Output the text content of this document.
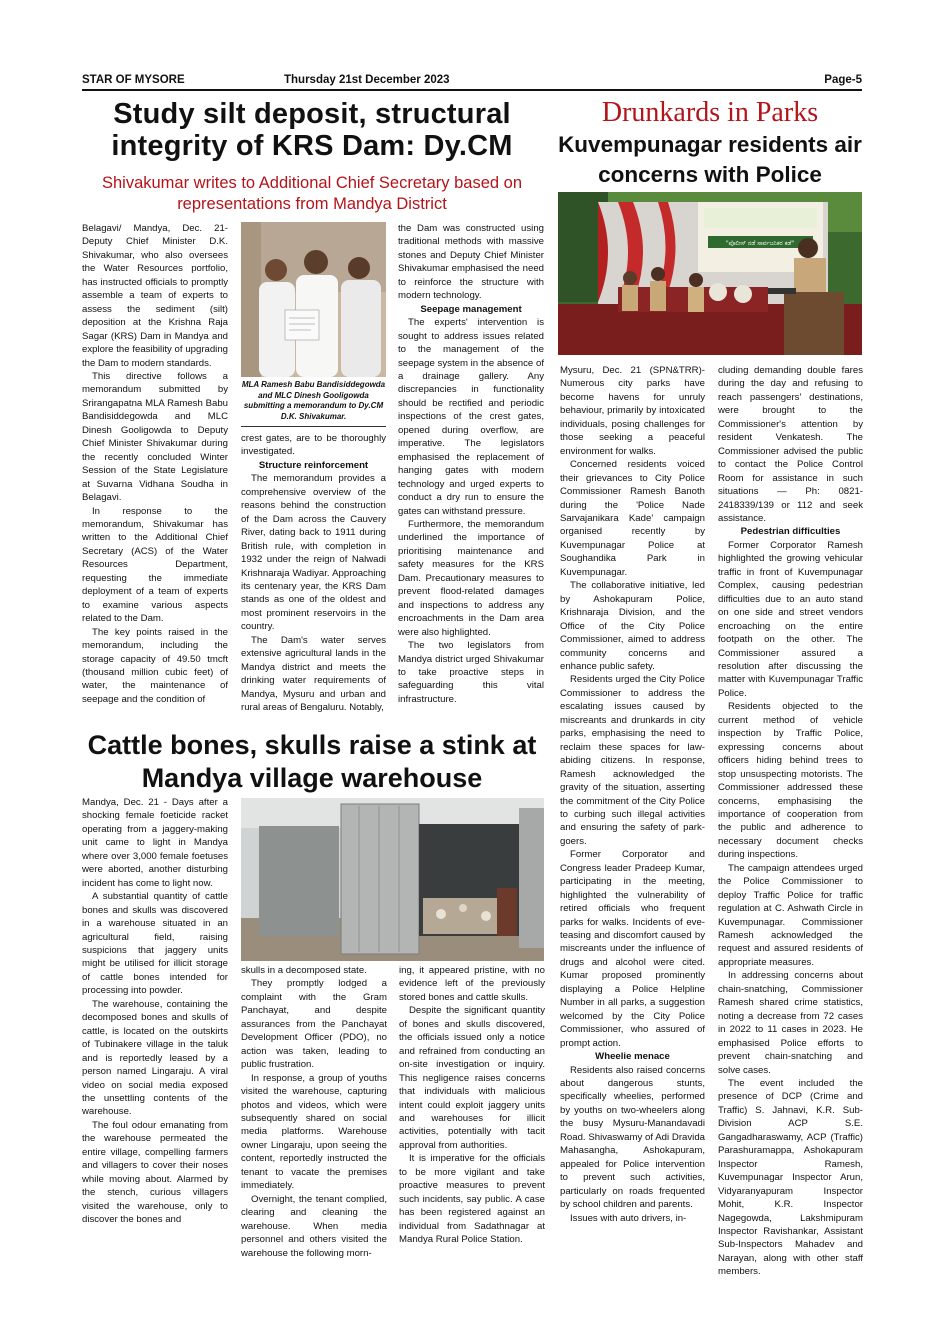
STAR OF MYSORE	Thursday 21st December 2023	Page-5
Study silt deposit, structural integrity of KRS Dam: Dy.CM
Shivakumar writes to Additional Chief Secretary based on representations from Mandya District

Belagavi/ Mandya, Dec. 21- Deputy Chief Minister D.K. Shivakumar, who also oversees the Water Resources portfolio, has instructed officials to promptly assemble a team of experts to assess the sediment (silt) deposition at the Krishna Raja Sagar (KRS) Dam in Mandya and explore the feasibility of upgrading the Dam to modern standards.

This directive follows a memorandum submitted by Srirangapatna MLA Ramesh Babu Bandisiddegowda and MLC Dinesh Gooligowda to Deputy Chief Minister Shivakumar during the recently concluded Winter Session of the State Legislature at Suvarna Vidhana Soudha in Belagavi.

In response to the memorandum, Shivakumar has written to the Additional Chief Secretary (ACS) of the Water Resources Department, requesting the immediate deployment of a team of experts to examine various aspects related to the Dam.

The key points raised in the memorandum, including the storage capacity of 49.50 tmcft (thousand million cubic feet) of water, the maintenance of seepage and the condition of

MLA Ramesh Babu Bandisiddegowda and MLC Dinesh Gooligowda submitting a memorandum to Dy.CM D.K. Shivakumar.

crest gates, are to be thoroughly investigated.

Structure reinforcement

The memorandum provides a comprehensive overview of the reasons behind the construction of the Dam across the Cauvery River, dating back to 1911 during British rule, with completion in 1932 under the reign of Nalwadi Krishnaraja Wadiyar. Approaching its centenary year, the KRS Dam stands as one of the oldest and most prominent reservoirs in the country.

The Dam's water serves extensive agricultural lands in the Mandya district and meets the drinking water requirements of Mandya, Mysuru and urban and rural areas of Bengaluru. Notably,

the Dam was constructed using traditional methods with massive stones and Deputy Chief Minister Shivakumar emphasised the need to reinforce the structure with modern technology.

Seepage management

The experts' intervention is sought to address issues related to the management of the seepage system in the absence of a drainage gallery. Any discrepancies in functionality should be rectified and periodic inspections of the crest gates, opened during overflow, are imperative. The legislators emphasised the replacement of hanging gates with modern technology and urged experts to conduct a dry run to ensure the gates can withstand pressure.

Furthermore, the memorandum underlined the importance of prioritising maintenance and safety measures for the KRS Dam. Precautionary measures to prevent flood-related damages and inspections to address any encroachments in the Dam area were also highlighted.

The two legislators from Mandya district urged Shivakumar to take proactive steps in safeguarding this vital infrastructure.

Drunkards in Parks
Kuvempunagar residents air concerns with Police
"ಪೊಲೀಸ್ ನಡೆ ಸಾರ್ವಜನಿಕರ ಕಡೆ"

Mysuru, Dec. 21 (SPN&TRR)- Numerous city parks have become havens for unruly behaviour, primarily by intoxicated individuals, posing challenges for those seeking a peaceful environment for walks.

Concerned residents voiced their grievances to City Police Commissioner Ramesh Banoth during the 'Police Nade Sarvajanikara Kade' campaign organised recently by Kuvempunagar Police at Soughandika Park in Kuvempunagar.

The collaborative initiative, led by Ashokapuram Police, Krishnaraja Division, and the Office of the City Police Commissioner, aimed to address community concerns and enhance public safety.

Residents urged the City Police Commissioner to address the escalating issues caused by miscreants and drunkards in city parks, emphasising the need to reclaim these spaces for law-abiding citizens. In response, Ramesh acknowledged the gravity of the situation, asserting the commitment of the City Police to curbing such illegal activities and ensuring the safety of park-goers.

Former Corporator and Congress leader Pradeep Kumar, participating in the meeting, highlighted the vulnerability of retired officials who frequent parks for walks. Incidents of eve-teasing and discomfort caused by miscreants under the influence of drugs and alcohol were cited. Kumar proposed prominently displaying a Police Helpline Number in all parks, a suggestion welcomed by the City Police Commissioner, who assured of prompt action.

Wheelie menace

Residents also raised concerns about dangerous stunts, specifically wheelies, performed by youths on two-wheelers along the busy Mysuru-Manandavadi Road. Shivaswamy of Adi Dravida Mahasangha, Ashokapuram, appealed for Police intervention to prevent such activities, particularly on roads frequented by school children and parents.

Issues with auto drivers, in-

cluding demanding double fares during the day and refusing to reach passengers' destinations, were brought to the Commissioner's attention by resident Venkatesh. The Commissioner advised the public to contact the Police Control Room for assistance in such situations — Ph: 0821-2418339/139 or 112 and seek assistance.

Pedestrian difficulties

Former Corporator Ramesh highlighted the growing vehicular traffic in front of Kuvempunagar Complex, causing pedestrian difficulties due to an auto stand on one side and street vendors encroaching on the entire footpath on the other. The Commissioner assured a resolution after discussing the matter with Kuvempunagar Traffic Police.

Residents objected to the current method of vehicle inspection by Traffic Police, expressing concerns about officers hiding behind trees to stop unsuspecting motorists. The Commissioner addressed these concerns, emphasising the importance of cooperation from the public and adherence to necessary document checks during inspections.

The campaign attendees urged the Police Commissioner to deploy Traffic Police for traffic regulation at C. Ashwath Circle in Kuvempunagar. Commissioner Ramesh acknowledged the request and assured residents of appropriate measures.

In addressing concerns about chain-snatching, Commissioner Ramesh shared crime statistics, noting a decrease from 72 cases in 2022 to 11 cases in 2023. He emphasised Police efforts to prevent chain-snatching and solve cases.

The event included the presence of DCP (Crime and Traffic) S. Jahnavi, K.R. Sub-Division ACP S.E. Gangadharaswamy, ACP (Traffic) Parashuramappa, Ashokapuram Inspector Ramesh, Kuvempunagar Inspector Arun, Vidyaranyapuram Inspector Mohit, K.R. Inspector Nagegowda, Lakshmipuram Inspector Ravishankar, Assistant Sub-Inspectors Mahadev and Narayan, along with other staff members.

Cattle bones, skulls raise a stink at Mandya village warehouse

Mandya, Dec. 21 - Days after a shocking female foeticide racket operating from a jaggery-making unit came to light in Mandya where over 3,000 female foetuses were aborted, another disturbing incident has come to light now.

A substantial quantity of cattle bones and skulls was discovered in a warehouse situated in an agricultural field, raising suspicions that jaggery units might be utilised for illicit storage of cattle bones intended for processing into powder.

The warehouse, containing the decomposed bones and skulls of cattle, is located on the outskirts of Tubinakere village in the taluk and is reportedly leased by a person named Lingaraju. A viral video on social media exposed the unsettling contents of the warehouse.

The foul odour emanating from the warehouse permeated the entire village, compelling farmers and villagers to cover their noses while moving about. Alarmed by the stench, curious villagers visited the warehouse, only to discover the bones and

skulls in a decomposed state.

They promptly lodged a complaint with the Gram Panchayat, and despite assurances from the Panchayat Development Officer (PDO), no action was taken, leading to public frustration.

In response, a group of youths visited the warehouse, capturing photos and videos, which were subsequently shared on social media platforms. Warehouse owner Lingaraju, upon seeing the content, reportedly instructed the tenant to vacate the premises immediately.

Overnight, the tenant complied, clearing and cleaning the warehouse. When media personnel and others visited the warehouse the following morn-

ing, it appeared pristine, with no evidence left of the previously stored bones and cattle skulls.

Despite the significant quantity of bones and skulls discovered, the officials issued only a notice and refrained from conducting an on-site investigation or inquiry. This negligence raises concerns that individuals with malicious intent could exploit jaggery units and warehouses for illicit activities, potentially with tacit approval from authorities.

It is imperative for the officials to be more vigilant and take proactive measures to prevent such incidents, say public. A case has been registered against an individual from Sadathnagar at Mandya Rural Police Station.
